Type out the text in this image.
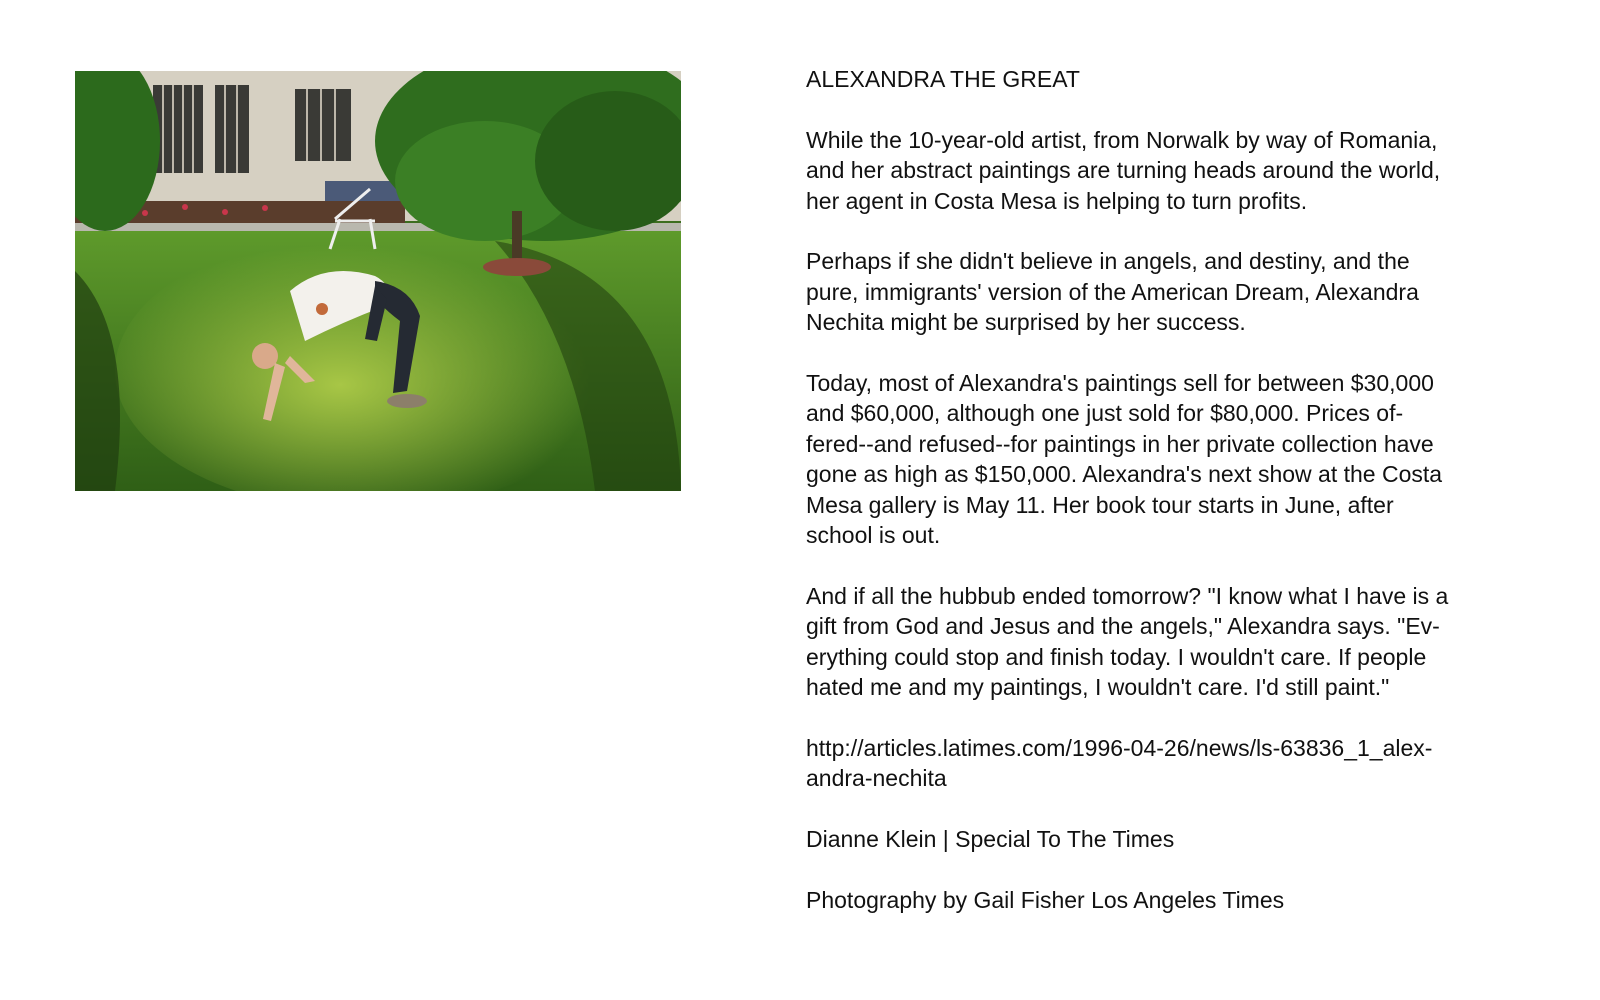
ALEXANDRA THE GREAT

While the 10-year-old artist, from Norwalk by way of Romania,
and her abstract paintings are turning heads around the world,
her agent in Costa Mesa is helping to turn profits.

Perhaps if she didn't believe in angels, and destiny, and the
pure, immigrants' version of the American Dream, Alexandra
Nechita might be surprised by her success.

Today, most of Alexandra's paintings sell for between $30,000
and $60,000, although one just sold for $80,000. Prices of-
fered--and refused--for paintings in her private collection have
gone as high as $150,000. Alexandra's next show at the Costa
Mesa gallery is May 11. Her book tour starts in June, after
school is out.

And if all the hubbub ended tomorrow? "I know what I have is a
gift from God and Jesus and the angels," Alexandra says. "Ev-
erything could stop and finish today. I wouldn't care. If people
hated me and my paintings, I wouldn't care. I'd still paint."

http://articles.latimes.com/1996-04-26/news/ls-63836_1_alex-
andra-nechita

Dianne Klein | Special To The Times

Photography by Gail Fisher Los Angeles Times
